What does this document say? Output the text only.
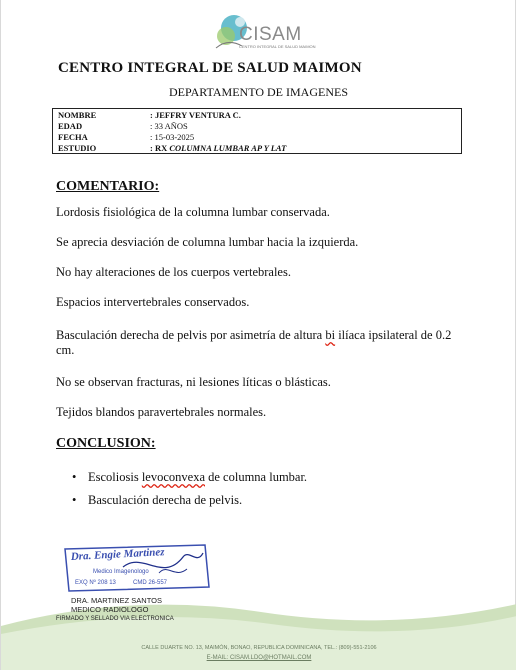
CISAM
CENTRO INTEGRAL DE SALUD MAIMON
CENTRO INTEGRAL DE SALUD MAIMON
DEPARTAMENTO DE IMAGENES
NOMBRE	: JEFFRY VENTURA C.
EDAD	: 33 AÑOS
FECHA	: 15-03-2025
ESTUDIO	: RX COLUMNA LUMBAR AP Y LAT
COMENTARIO:
Lordosis fisiológica de la columna lumbar conservada.
Se aprecia desviación de columna lumbar hacia la izquierda.
No hay alteraciones de los cuerpos vertebrales.
Espacios intervertebrales conservados.
Basculación derecha de pelvis por asimetría de altura bi ilíaca ipsilateral de 0.2 cm.
No se observan fracturas, ni lesiones líticas o blásticas.
Tejidos blandos paravertebrales normales.
CONCLUSION:
• Escoliosis levoconvexa de columna lumbar.
• Basculación derecha de pelvis.
Dra. Engie Martinez
Medico Imagenologo
EXQ Nº 208 13	CMD 26-557
DRA. MARTINEZ SANTOS
MEDICO RADIOLOGO
FIRMADO Y SELLADO VIA ELECTRONICA
CALLE DUARTE NO. 13, MAIMÓN, BONAO, REPUBLICA DOMINICANA, TEL.: (809)-551-2106
E-MAIL: CISAM.LDO@HOTMAIL.COM
